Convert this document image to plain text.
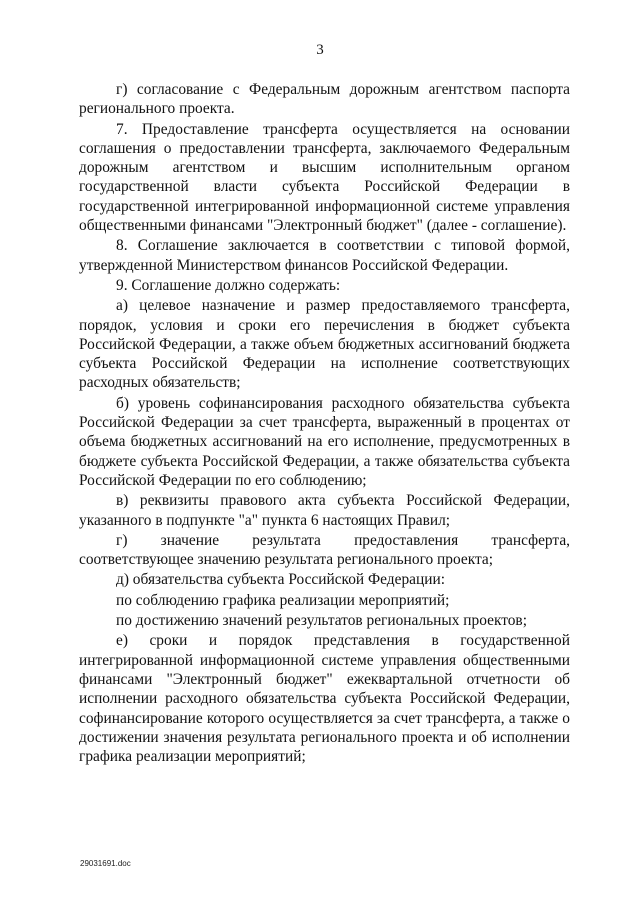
3

г) согласование с Федеральным дорожным агентством паспорта регионального проекта.

7. Предоставление трансферта осуществляется на основании соглашения о предоставлении трансферта, заключаемого Федеральным дорожным агентством и высшим исполнительным органом государственной власти субъекта Российской Федерации в государственной интегрированной информационной системе управления общественными финансами "Электронный бюджет" (далее - соглашение).

8. Соглашение заключается в соответствии с типовой формой, утвержденной Министерством финансов Российской Федерации.

9. Соглашение должно содержать:

а) целевое назначение и размер предоставляемого трансферта, порядок, условия и сроки его перечисления в бюджет субъекта Российской Федерации, а также объем бюджетных ассигнований бюджета субъекта Российской Федерации на исполнение соответствующих расходных обязательств;

б) уровень софинансирования расходного обязательства субъекта Российской Федерации за счет трансферта, выраженный в процентах от объема бюджетных ассигнований на его исполнение, предусмотренных в бюджете субъекта Российской Федерации, а также обязательства субъекта Российской Федерации по его соблюдению;

в) реквизиты правового акта субъекта Российской Федерации, указанного в подпункте "а" пункта 6 настоящих Правил;

г) значение результата предоставления трансферта, соответствующее значению результата регионального проекта;

д) обязательства субъекта Российской Федерации:

по соблюдению графика реализации мероприятий;

по достижению значений результатов региональных проектов;

е) сроки и порядок представления в государственной интегрированной информационной системе управления общественными финансами "Электронный бюджет" ежеквартальной отчетности об исполнении расходного обязательства субъекта Российской Федерации, софинансирование которого осуществляется за счет трансферта, а также о достижении значения результата регионального проекта и об исполнении графика реализации мероприятий;

29031691.doc
